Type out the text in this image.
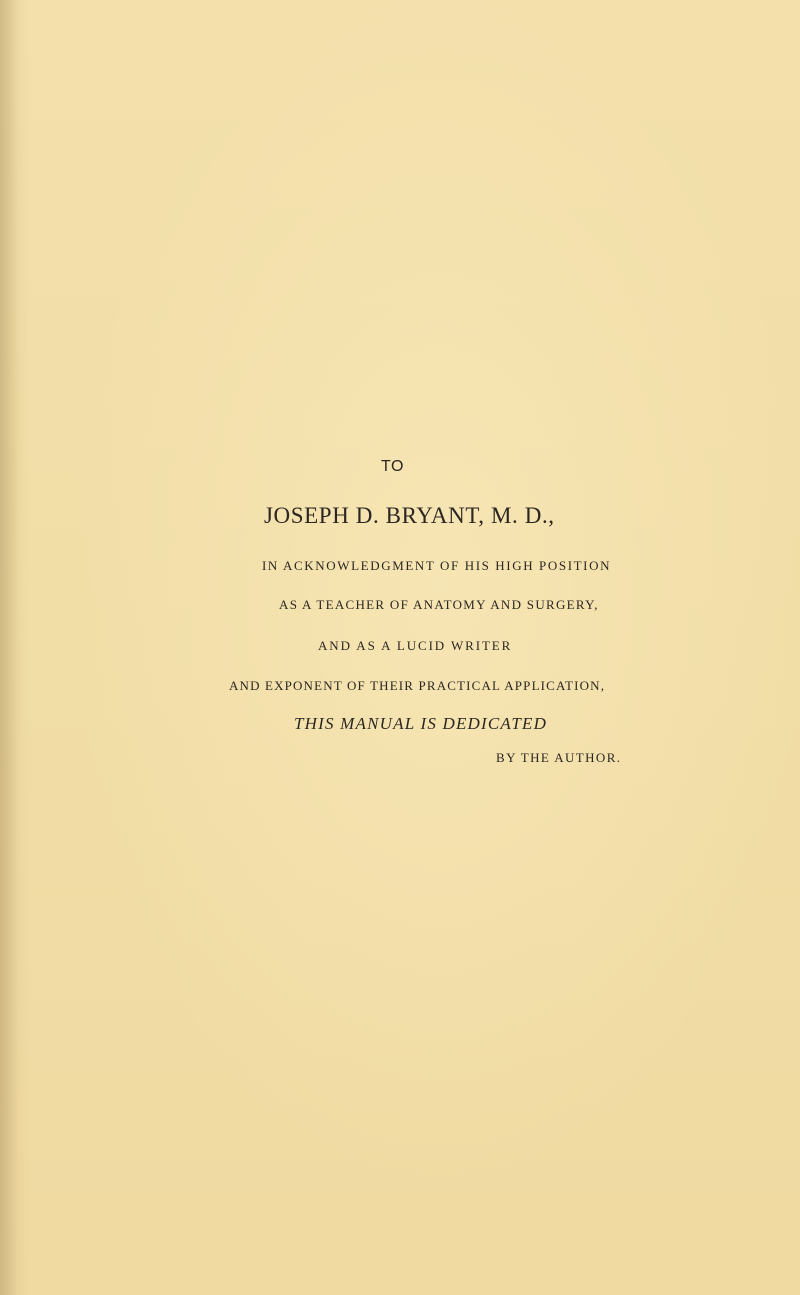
TO
JOSEPH D. BRYANT, M. D.,
IN ACKNOWLEDGMENT OF HIS HIGH POSITION
AS A TEACHER OF ANATOMY AND SURGERY,
AND AS A LUCID WRITER
AND EXPONENT OF THEIR PRACTICAL APPLICATION,
THIS MANUAL IS DEDICATED
BY THE AUTHOR.
